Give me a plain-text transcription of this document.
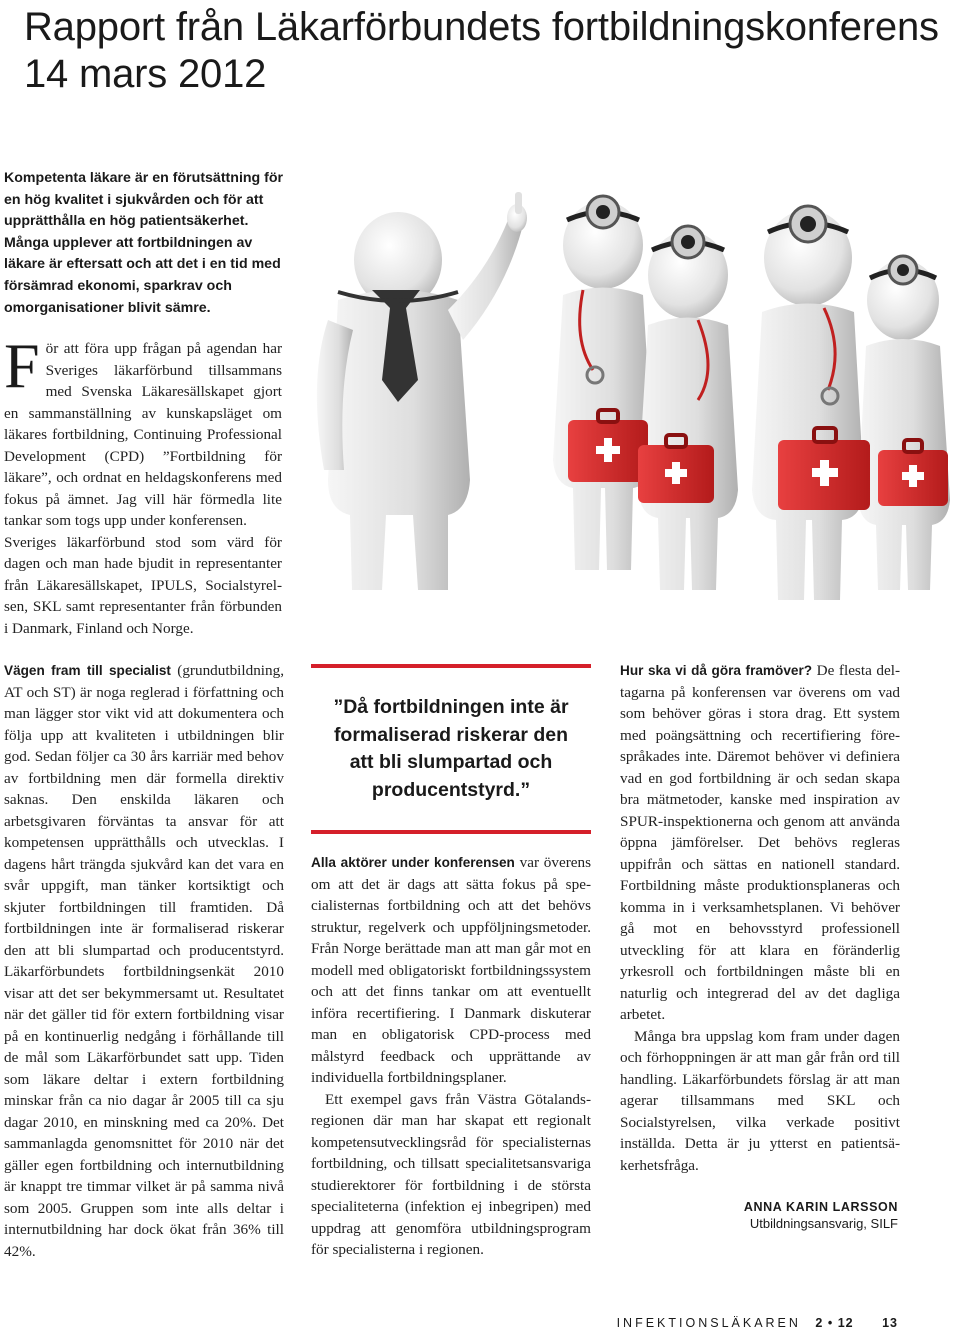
Rapport från Läkarförbundets fortbildningskonferens 14 mars 2012
Kompetenta läkare är en förutsättning för en hög kvalitet i sjukvården och för att upprätthålla en hög patientsäkerhet. Många upplever att fortbildningen av läkare är eftersatt och att det i en tid med försämrad ekonomi, sparkrav och omorganisationer blivit sämre.
F ör att föra upp frågan på agendan har Sveriges läkarförbund tillsammans med Svenska Läkaresällskapet gjort en sammanställning av kunskapsläget om läkares fortbildning, Continuing Professional Development (CPD) ”Fortbildning för läkare”, och ordnat en heldagskonferens med fokus på ämnet. Jag vill här förmedla lite tankar som togs upp under konferensen.

Sveriges läkarförbund stod som värd för dagen och man hade bjudit in representanter från Läkaresällskapet, IPULS, Socialstyrelsen, SKL samt representanter från förbunden i Danmark, Finland och Norge.

Vägen fram till specialist (grundutbildning, AT och ST) är noga reglerad i författning och man lägger stor vikt vid att dokumentera och följa upp att kvaliteten i utbildningen blir god. Sedan följer ca 30 års karriär med behov av fortbildning men där formella direktiv saknas. Den enskilda läkaren och arbetsgivaren förväntas ta ansvar för att kompetensen upprätthålls och utvecklas. I dagens hårt trängda sjukvård kan det vara en svår uppgift, man tänker kortsiktigt och skjuter fortbildningen till framtiden. Då fortbildningen inte är formaliserad riskerar den att bli slumpartad och producentstyrd. Läkarförbundets fortbildningsenkät 2010 visar att det ser bekymmersamt ut. Resultatet när det gäller tid för extern fortbildning visar på en kontinuerlig nedgång i förhållande till de mål som Läkarförbundet satt upp. Tiden som läkare deltar i extern fortbildning minskar från ca nio dagar år 2005 till ca sju dagar 2010, en minskning med ca 20%. Det sammanlagda genomsnittet för 2010 när det gäller egen fortbildning och internutbildning är knappt tre timmar vilket är på samma nivå som 2005. Gruppen som inte alls deltar i internutbildning har dock ökat från 36% till 42%.

”Då fortbildningen inte är formaliserad riskerar den att bli slumpartad och producentstyrd.”

Alla aktörer under konferensen var överens om att det är dags att sätta fokus på specialisternas fortbildning och att det behövs struktur, regelverk och uppföljningsmetoder. Från Norge berättade man att man går mot en modell med obligatoriskt fortbildningssystem och att det finns tankar om att eventuellt införa recertifiering. I Danmark diskuterar man en obligatorisk CPD-process med målstyrd feedback och upprättande av individuella fortbildningsplaner.

Ett exempel gavs från Västra Götalandsregionen där man har skapat ett regionalt kompetensutvecklingsråd för specialisternas fortbildning, och tillsatt specialitetsansvariga studierektorer för fortbildning i de största specialiteterna (infektion ej inbegripen) med uppdrag att genomföra utbildningsprogram för specialisterna i regionen.

Hur ska vi då göra framöver? De flesta deltagarna på konferensen var överens om vad som behöver göras i stora drag. Ett system med poängsättning och recertifiering förespråkades inte. Däremot behöver vi definiera vad en god fortbildning är och sedan skapa bra mätmetoder, kanske med inspiration av SPUR-inspektionerna och genom att använda öppna jämförelser. Det behövs regleras uppifrån och sättas en nationell standard. Fortbildning måste produktionsplaneras och komma in i verksamhetsplanen. Vi behöver gå mot en behovsstyrd professionell utveckling för att klara en föränderlig yrkesroll och fortbildningen måste bli en naturlig och integrerad del av det dagliga arbetet.

Många bra uppslag kom fram under dagen och förhoppningen är att man går från ord till handling. Läkarförbundets förslag är att man agerar tillsammans med SKL och Socialstyrelsen, vilka verkade positivt inställda. Detta är ju ytterst en patientsäkerhetsfråga.

ANNA KARIN LARSSON
Utbildningsansvarig, SILF
INFEKTIONSLÄKAREN 2 • 12 13
